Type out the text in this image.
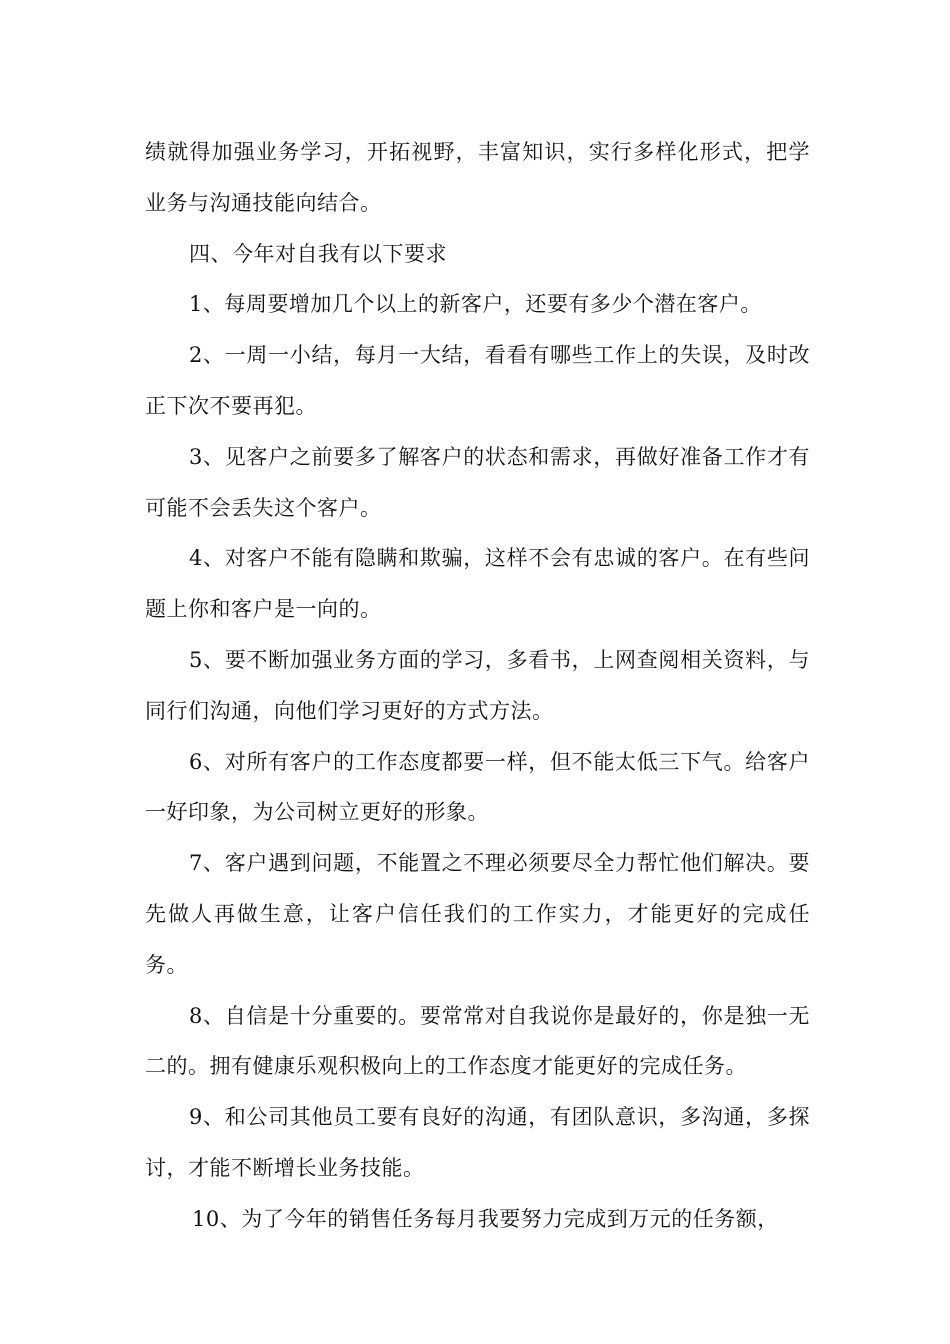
绩就得加强业务学习，开拓视野，丰富知识，实行多样化形式，把学业务与沟通技能向结合。

四、今年对自我有以下要求

1、每周要增加几个以上的新客户，还要有多少个潜在客户。

2、一周一小结，每月一大结，看看有哪些工作上的失误，及时改正下次不要再犯。

3、见客户之前要多了解客户的状态和需求，再做好准备工作才有可能不会丢失这个客户。

4、对客户不能有隐瞒和欺骗，这样不会有忠诚的客户。在有些问题上你和客户是一向的。

5、要不断加强业务方面的学习，多看书，上网查阅相关资料，与同行们沟通，向他们学习更好的方式方法。

6、对所有客户的工作态度都要一样，但不能太低三下气。给客户一好印象，为公司树立更好的形象。

7、客户遇到问题，不能置之不理必须要尽全力帮忙他们解决。要先做人再做生意，让客户信任我们的工作实力，才能更好的完成任务。

8、自信是十分重要的。要常常对自我说你是最好的，你是独一无二的。拥有健康乐观积极向上的工作态度才能更好的完成任务。

9、和公司其他员工要有良好的沟通，有团队意识，多沟通，多探讨，才能不断增长业务技能。

10、为了今年的销售任务每月我要努力完成到万元的任务额，
